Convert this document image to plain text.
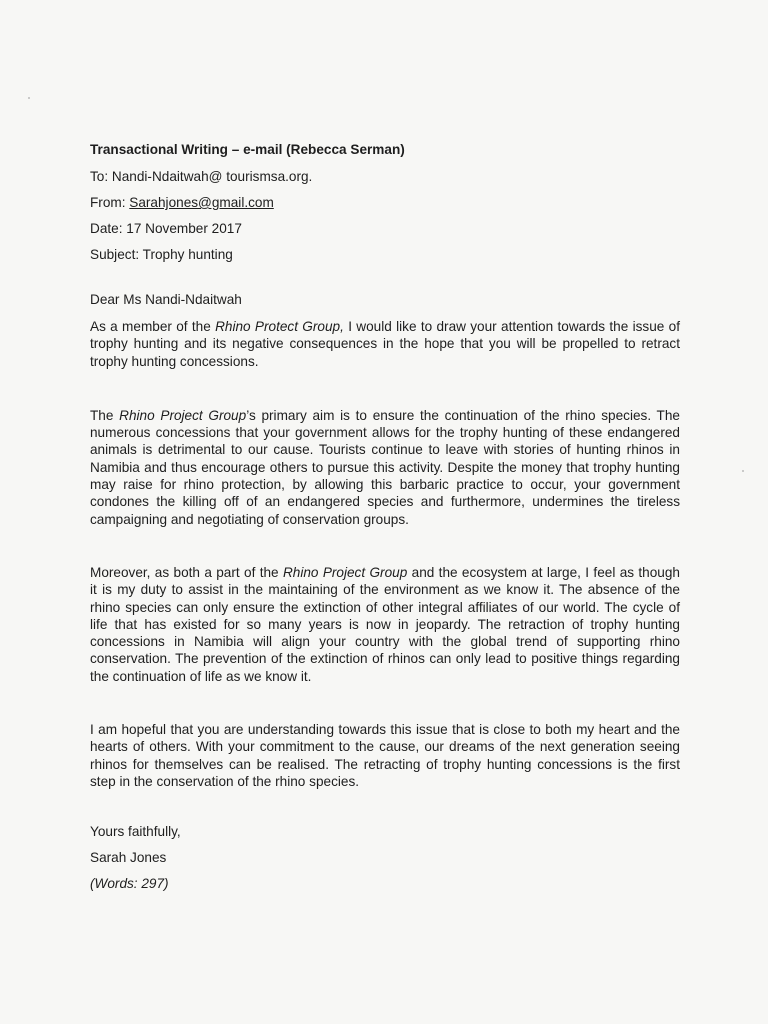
Transactional Writing – e-mail (Rebecca Serman)
To: Nandi-Ndaitwah@ tourismsa.org.
From: Sarahjones@gmail.com
Date: 17 November 2017
Subject: Trophy hunting
Dear Ms Nandi-Ndaitwah

As a member of the Rhino Protect Group, I would like to draw your attention towards the issue of trophy hunting and its negative consequences in the hope that you will be propelled to retract trophy hunting concessions.

The Rhino Project Group’s primary aim is to ensure the continuation of the rhino species. The numerous concessions that your government allows for the trophy hunting of these endangered animals is detrimental to our cause. Tourists continue to leave with stories of hunting rhinos in Namibia and thus encourage others to pursue this activity. Despite the money that trophy hunting may raise for rhino protection, by allowing this barbaric practice to occur, your government condones the killing off of an endangered species and furthermore, undermines the tireless campaigning and negotiating of conservation groups.

Moreover, as both a part of the Rhino Project Group and the ecosystem at large, I feel as though it is my duty to assist in the maintaining of the environment as we know it. The absence of the rhino species can only ensure the extinction of other integral affiliates of our world. The cycle of life that has existed for so many years is now in jeopardy. The retraction of trophy hunting concessions in Namibia will align your country with the global trend of supporting rhino conservation. The prevention of the extinction of rhinos can only lead to positive things regarding the continuation of life as we know it.

I am hopeful that you are understanding towards this issue that is close to both my heart and the hearts of others. With your commitment to the cause, our dreams of the next generation seeing rhinos for themselves can be realised. The retracting of trophy hunting concessions is the first step in the conservation of the rhino species.

Yours faithfully,
Sarah Jones
(Words: 297)
